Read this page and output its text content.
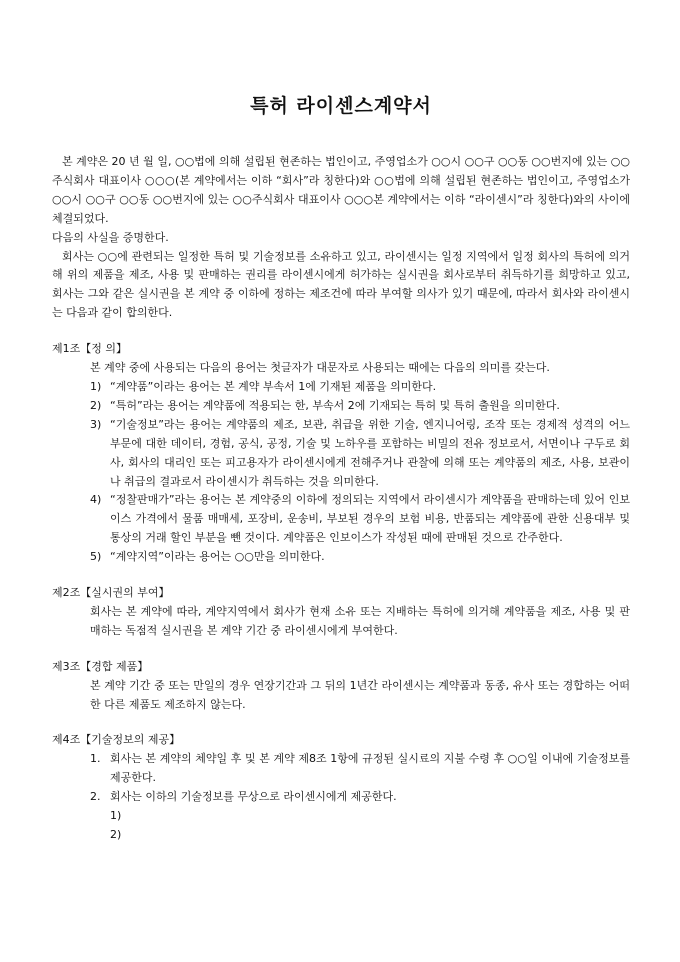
특허 라이센스계약서

본 계약은 20 년 월 일, ○○법에 의해 설립된 현존하는 법인이고, 주영업소가 ○○시 ○○구 ○○동 ○○번지에 있는 ○○주식회사 대표이사 ○○○(본 계약에서는 이하 “회사”라 칭한다)와 ○○법에 의해 설립된 현존하는 법인이고, 주영업소가 ○○시 ○○구 ○○동 ○○번지에 있는 ○○주식회사 대표이사 ○○○본 계약에서는 이하 “라이센시”라 칭한다)와의 사이에 체결되었다.

다음의 사실을 증명한다.

회사는 ○○에 관련되는 일정한 특허 및 기술정보를 소유하고 있고, 라이센시는 일정 지역에서 일정 회사의 특허에 의거해 위의 제품을 제조, 사용 및 판매하는 권리를 라이센시에게 허가하는 실시권을 회사로부터 취득하기를 희망하고 있고, 회사는 그와 같은 실시권을 본 계약 중 이하에 정하는 제조건에 따라 부여할 의사가 있기 때문에, 따라서 회사와 라이센시는 다음과 같이 합의한다.

제1조【정 의】

본 계약 중에 사용되는 다음의 용어는 첫글자가 대문자로 사용되는 때에는 다음의 의미를 갖는다.

1) “계약품”이라는 용어는 본 계약 부속서 1에 기재된 제품을 의미한다.

2) “특허”라는 용어는 계약품에 적용되는 한, 부속서 2에 기재되는 특허 및 특허 출원을 의미한다.

3) “기술정보”라는 용어는 계약품의 제조, 보관, 취급을 위한 기술, 엔지니어링, 조작 또는 경제적 성격의 어느 부문에 대한 데이터, 경험, 공식, 공정, 기술 및 노하우를 포함하는 비밀의 전유 정보로서, 서면이나 구두로 회사, 회사의 대리인 또는 피고용자가 라이센시에게 전해주거나 관찰에 의해 또는 계약품의 제조, 사용, 보관이나 취급의 결과로서 라이센시가 취득하는 것을 의미한다.

4) “정찰판매가”라는 용어는 본 계약중의 이하에 정의되는 지역에서 라이센시가 계약품을 판매하는데 있어 인보이스 가격에서 물품 매매세, 포장비, 운송비, 부보된 경우의 보험 비용, 반품되는 계약품에 관한 신용대부 및 통상의 거래 할인 부분을 뺀 것이다. 계약품은 인보이스가 작성된 때에 판매된 것으로 간주한다.

5) “계약지역”이라는 용어는 ○○만을 의미한다.

제2조【실시권의 부여】

회사는 본 계약에 따라, 계약지역에서 회사가 현재 소유 또는 지배하는 특허에 의거해 계약품을 제조, 사용 및 판매하는 독점적 실시권을 본 계약 기간 중 라이센시에게 부여한다.

제3조【경합 제품】

본 계약 기간 중 또는 만일의 경우 연장기간과 그 뒤의 1년간 라이센시는 계약품과 동종, 유사 또는 경합하는 어떠한 다른 제품도 제조하지 않는다.

제4조【기술정보의 제공】

1. 회사는 본 계약의 체약일 후 및 본 계약 제8조 1항에 규정된 실시료의 지불 수령 후 ○○일 이내에 기술정보를 제공한다.

2. 회사는 이하의 기술정보를 무상으로 라이센시에게 제공한다.

1)

2)
